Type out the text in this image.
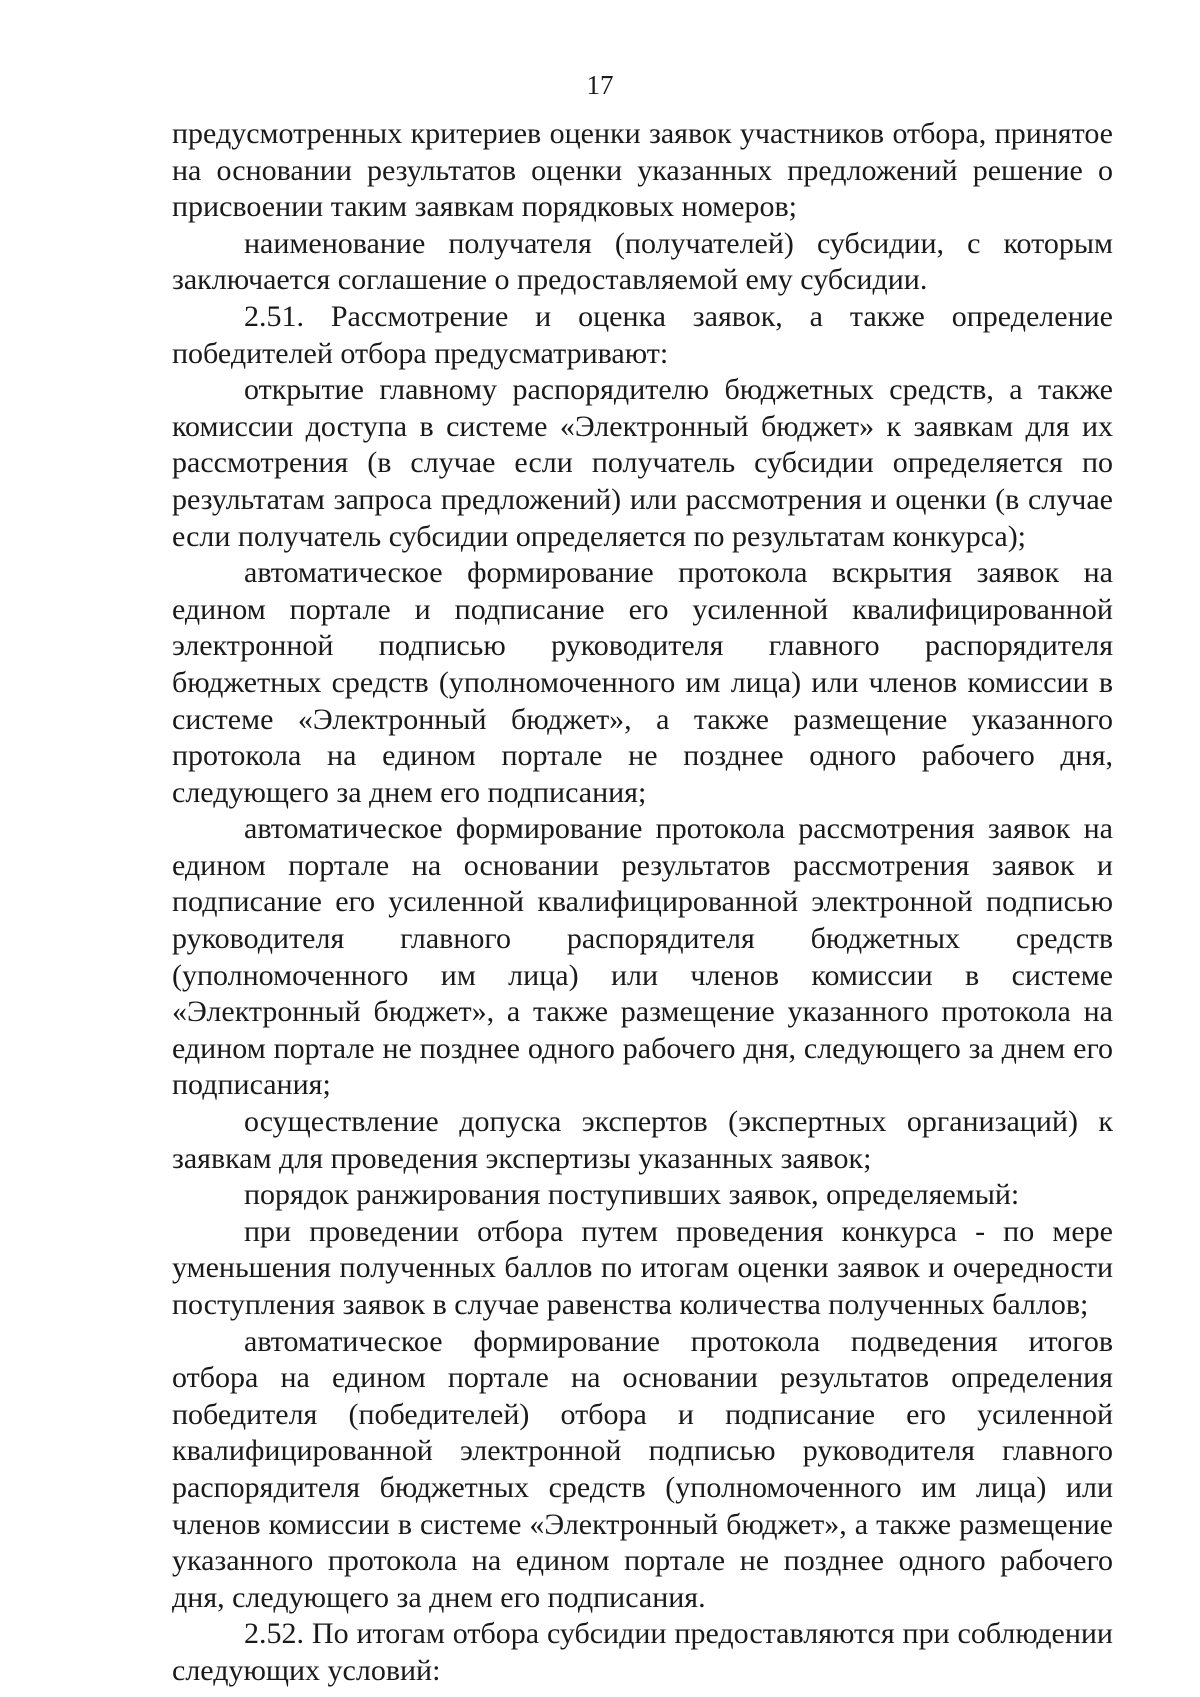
17

предусмотренных критериев оценки заявок участников отбора, принятое на основании результатов оценки указанных предложений решение о присвоении таким заявкам порядковых номеров;

наименование получателя (получателей) субсидии, с которым заключается соглашение о предоставляемой ему субсидии.

2.51. Рассмотрение и оценка заявок, а также определение победителей отбора предусматривают:

открытие главному распорядителю бюджетных средств, а также комиссии доступа в системе «Электронный бюджет» к заявкам для их рассмотрения (в случае если получатель субсидии определяется по результатам запроса предложений) или рассмотрения и оценки (в случае если получатель субсидии определяется по результатам конкурса);

автоматическое формирование протокола вскрытия заявок на едином портале и подписание его усиленной квалифицированной электронной подписью руководителя главного распорядителя бюджетных средств (уполномоченного им лица) или членов комиссии в системе «Электронный бюджет», а также размещение указанного протокола на едином портале не позднее одного рабочего дня, следующего за днем его подписания;

автоматическое формирование протокола рассмотрения заявок на едином портале на основании результатов рассмотрения заявок и подписание его усиленной квалифицированной электронной подписью руководителя главного распорядителя бюджетных средств (уполномоченного им лица) или членов комиссии в системе «Электронный бюджет», а также размещение указанного протокола на едином портале не позднее одного рабочего дня, следующего за днем его подписания;

осуществление допуска экспертов (экспертных организаций) к заявкам для проведения экспертизы указанных заявок;

порядок ранжирования поступивших заявок, определяемый:

при проведении отбора путем проведения конкурса - по мере уменьшения полученных баллов по итогам оценки заявок и очередности поступления заявок в случае равенства количества полученных баллов;

автоматическое формирование протокола подведения итогов отбора на едином портале на основании результатов определения победителя (победителей) отбора и подписание его усиленной квалифицированной электронной подписью руководителя главного распорядителя бюджетных средств (уполномоченного им лица) или членов комиссии в системе «Электронный бюджет», а также размещение указанного протокола на едином портале не позднее одного рабочего дня, следующего за днем его подписания.

2.52. По итогам отбора субсидии предоставляются при соблюдении следующих условий:
